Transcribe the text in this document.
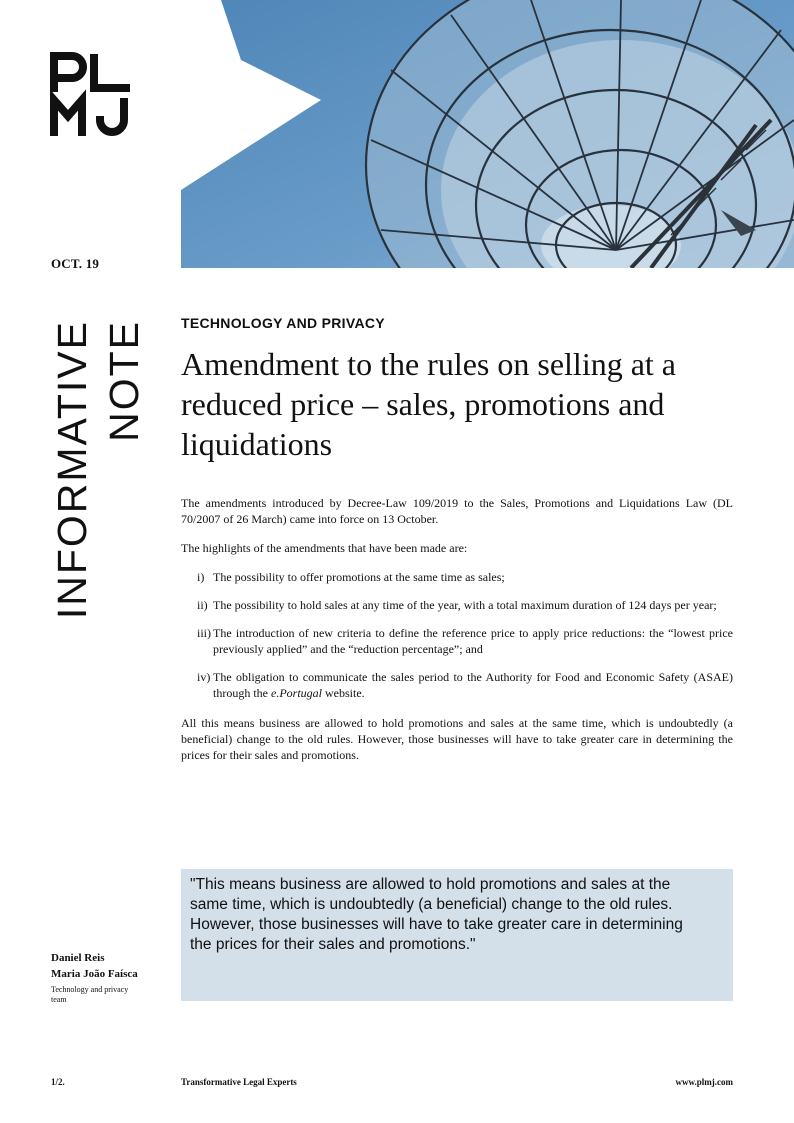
OCT. 19
INFORMATIVE NOTE TECHNOLOGY AND PRIVACY
Amendment to the rules on selling at a reduced price – sales, promotions and liquidations

The amendments introduced by Decree-Law 109/2019 to the Sales, Promotions and Liquidations Law (DL 70/2007 of 26 March) came into force on 13 October.

The highlights of the amendments that have been made are:

i) The possibility to offer promotions at the same time as sales;
ii) The possibility to hold sales at any time of the year, with a total maximum duration of 124 days per year;
iii) The introduction of new criteria to define the reference price to apply price reductions: the “lowest price previously applied” and the “reduction percentage”; and
iv) The obligation to communicate the sales period to the Authority for Food and Economic Safety (ASAE) through the e.Portugal website.

All this means business are allowed to hold promotions and sales at the same time, which is undoubtedly (a beneficial) change to the old rules. However, those businesses will have to take greater care in determining the prices for their sales and promotions.

"This means business are allowed to hold promotions and sales at the same time, which is undoubtedly (a beneficial) change to the old rules. However, those businesses will have to take greater care in determining the prices for their sales and promotions."
Daniel Reis
Maria João Faísca
Technology and privacy team
1/2.	Transformative Legal Experts	www.plmj.com
